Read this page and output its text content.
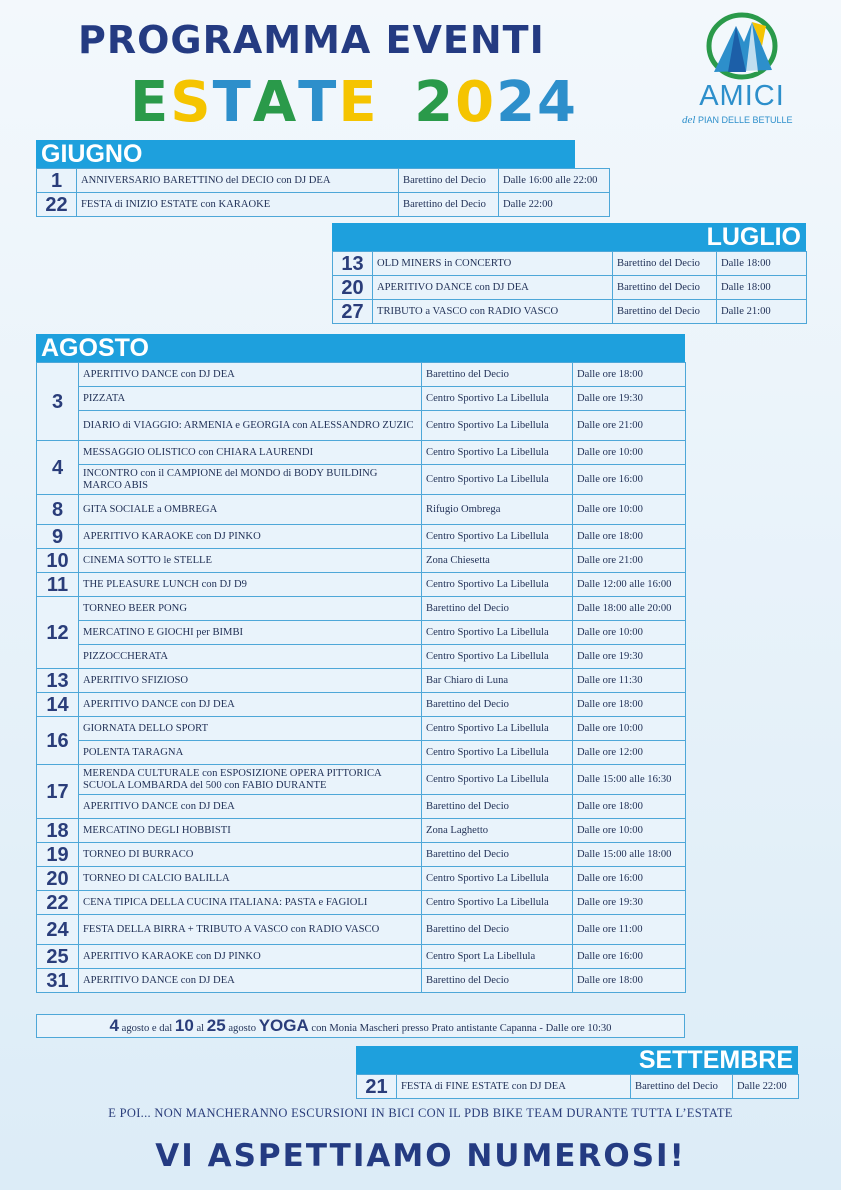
PROGRAMMA EVENTI
ESTATE 2024	AMICI
del PIAN DELLE BETULLE
GIUGNO
1	ANNIVERSARIO BARETTINO del DECIO con DJ DEA	Barettino del Decio	Dalle 16:00 alle 22:00
22	FESTA di INIZIO ESTATE con KARAOKE	Barettino del Decio	Dalle 22:00
LUGLIO
13	OLD MINERS in CONCERTO	Barettino del Decio	Dalle 18:00
20	APERITIVO DANCE con DJ DEA	Barettino del Decio	Dalle 18:00
27	TRIBUTO a VASCO con RADIO VASCO	Barettino del Decio	Dalle 21:00
AGOSTO
3	APERITIVO DANCE con DJ DEA	Barettino del Decio	Dalle ore 18:00
	PIZZATA	Centro Sportivo La Libellula	Dalle ore 19:30
	DIARIO di VIAGGIO: ARMENIA e GEORGIA con ALESSANDRO ZUZIC	Centro Sportivo La Libellula	Dalle ore 21:00
4	MESSAGGIO OLISTICO con CHIARA LAURENDI	Centro Sportivo La Libellula	Dalle ore 10:00
	INCONTRO con il CAMPIONE del MONDO di BODY BUILDING MARCO ABIS	Centro Sportivo La Libellula	Dalle ore 16:00
8	GITA SOCIALE a OMBREGA	Rifugio Ombrega	Dalle ore 10:00
9	APERITIVO KARAOKE con DJ PINKO	Centro Sportivo La Libellula	Dalle ore 18:00
10	CINEMA SOTTO le STELLE	Zona Chiesetta	Dalle ore 21:00
11	THE PLEASURE LUNCH con DJ D9	Centro Sportivo La Libellula	Dalle 12:00 alle 16:00
12	TORNEO BEER PONG	Barettino del Decio	Dalle 18:00 alle 20:00
	MERCATINO E GIOCHI per BIMBI	Centro Sportivo La Libellula	Dalle ore 10:00
	PIZZOCCHERATA	Centro Sportivo La Libellula	Dalle ore 19:30
13	APERITIVO SFIZIOSO	Bar Chiaro di Luna	Dalle ore 11:30
14	APERITIVO DANCE con DJ DEA	Barettino del Decio	Dalle ore 18:00
16	GIORNATA DELLO SPORT	Centro Sportivo La Libellula	Dalle ore 10:00
	POLENTA TARAGNA	Centro Sportivo La Libellula	Dalle ore 12:00
17	MERENDA CULTURALE con ESPOSIZIONE OPERA PITTORICA SCUOLA LOMBARDA del 500 con FABIO DURANTE	Centro Sportivo La Libellula	Dalle 15:00 alle 16:30
	APERITIVO DANCE con DJ DEA	Barettino del Decio	Dalle ore 18:00
18	MERCATINO DEGLI HOBBISTI	Zona Laghetto	Dalle ore 10:00
19	TORNEO DI BURRACO	Barettino del Decio	Dalle 15:00 alle 18:00
20	TORNEO DI CALCIO BALILLA	Centro Sportivo La Libellula	Dalle ore 16:00
22	CENA TIPICA DELLA CUCINA ITALIANA: PASTA e FAGIOLI	Centro Sportivo La Libellula	Dalle ore 19:30
24	FESTA DELLA BIRRA + TRIBUTO A VASCO con RADIO VASCO	Barettino del Decio	Dalle ore 11:00
25	APERITIVO KARAOKE con DJ PINKO	Centro Sport La Libellula	Dalle ore 16:00
31	APERITIVO DANCE con DJ DEA	Barettino del Decio	Dalle ore 18:00
4 agosto e dal 10 al 25 agosto YOGA con Monia Mascheri presso Prato antistante Capanna - Dalle ore 10:30
SETTEMBRE
21	FESTA di FINE ESTATE con DJ DEA	Barettino del Decio	Dalle 22:00
E POI... NON MANCHERANNO ESCURSIONI IN BICI CON IL PDB BIKE TEAM DURANTE TUTTA L’ESTATE
VI ASPETTIAMO NUMEROSI!
